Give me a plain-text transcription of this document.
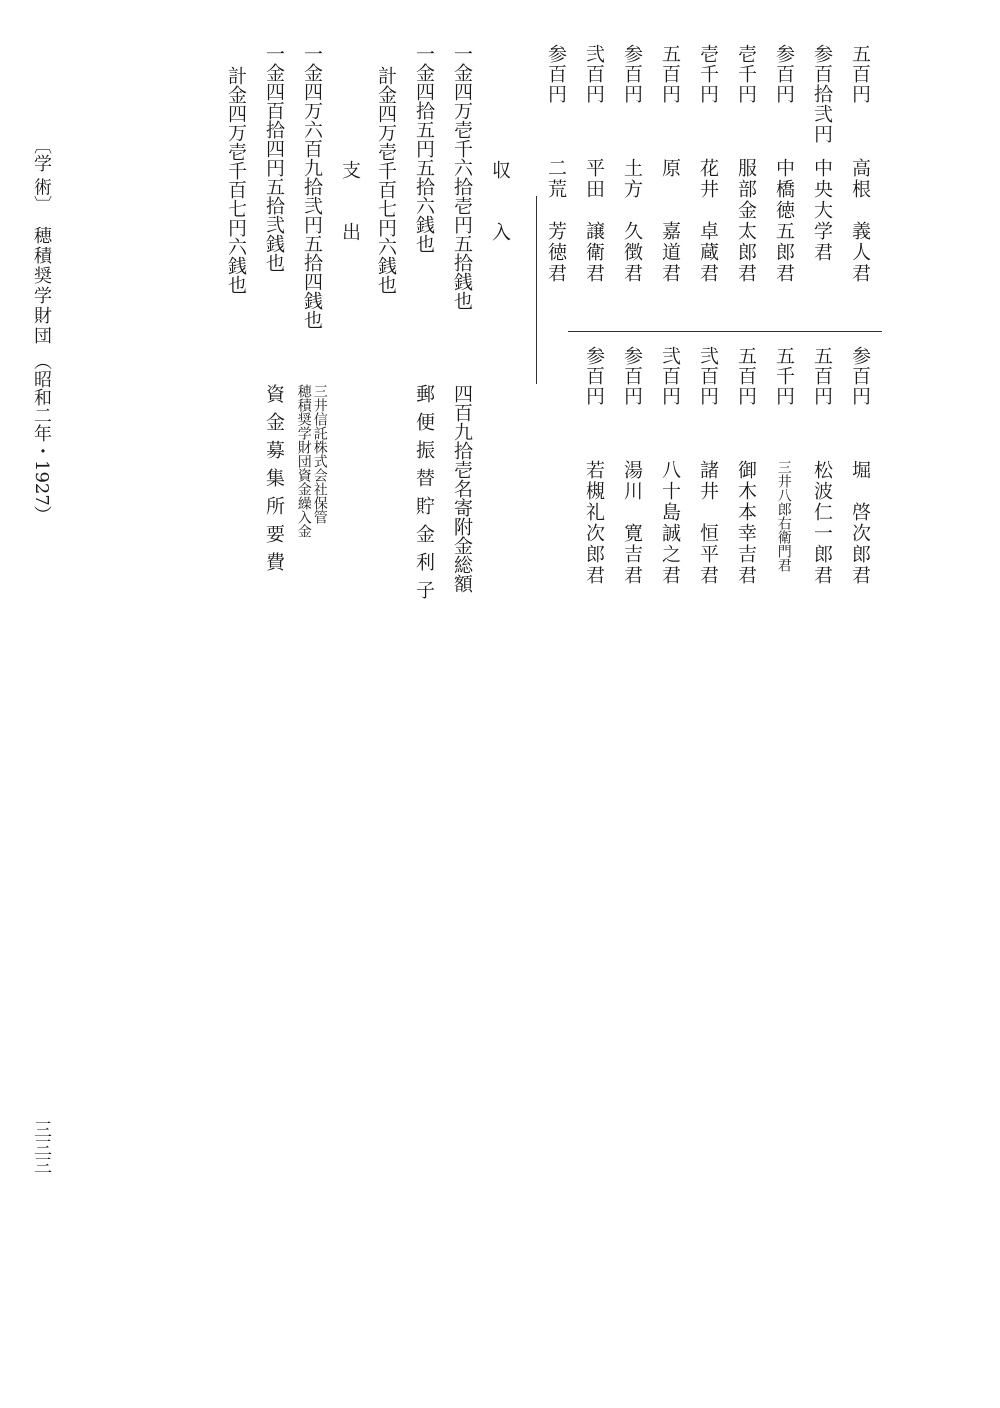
五百円
高根　義人君
参百拾弐円
中央大学君
参百円
中橋徳五郎君
壱千円
服部金太郎君
壱千円
花井　卓蔵君
五百円
原　　嘉道君
参百円
土方　久徴君
弐百円
平田　譲衛君
参百円
二荒　芳徳君
参百円
堀　啓次郎君
五百円
松波仁一郎君
五千円
三井八郎右衛門君
五百円
御木本幸吉君
弐百円
諸井　恒平君
弐百円
八十島誠之君
参百円
湯川　寛吉君
参百円
若槻礼次郎君
収　入
一金四万壱千六拾壱円五拾銭也
四百九拾壱名寄附金総額
一金四拾五円五拾六銭也
郵便振替貯金利子
計金四万壱千百七円六銭也
支　出
一金四万六百九拾弐円五拾四銭也
三井信託株式会社保管
穂積奨学財団資金繰入金
一金四百拾四円五拾弐銭也
資金募集所要費
計金四万壱千百七円六銭也
〔学 術〕
穂積奨学財団
（昭和二年・1927）
三三三
